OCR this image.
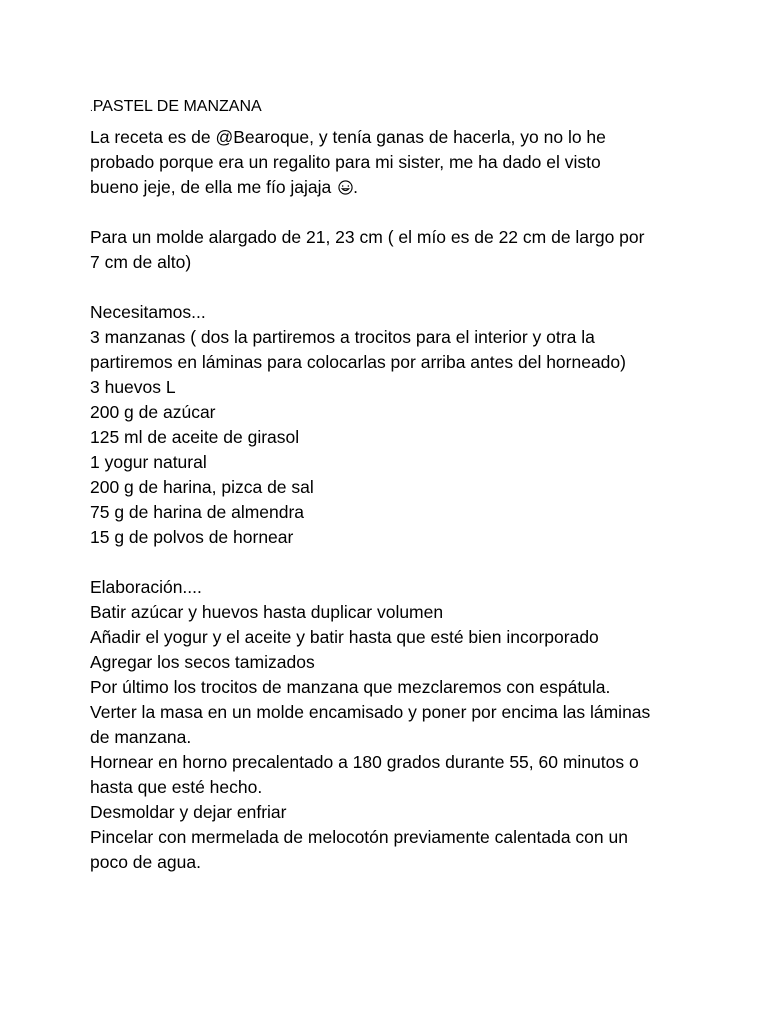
.PASTEL DE MANZANA
La receta es de @Bearoque, y tenía ganas de hacerla, yo no lo he
probado porque era un regalito para mi sister, me ha dado el visto
bueno jeje, de ella me fío jajaja .
Para un molde alargado de 21, 23 cm ( el mío es de 22 cm de largo por
7 cm de alto)
Necesitamos...
3 manzanas ( dos la partiremos a trocitos para el interior y otra la
partiremos en láminas para colocarlas por arriba antes del horneado)
3 huevos L
200 g de azúcar
125 ml de aceite de girasol
1 yogur natural
200 g de harina, pizca de sal
75 g de harina de almendra
15 g de polvos de hornear
Elaboración....
Batir azúcar y huevos hasta duplicar volumen
Añadir el yogur y el aceite y batir hasta que esté bien incorporado
Agregar los secos tamizados
Por último los trocitos de manzana que mezclaremos con espátula.
Verter la masa en un molde encamisado y poner por encima las láminas
de manzana.
Hornear en horno precalentado a 180 grados durante 55, 60 minutos o
hasta que esté hecho.
Desmoldar y dejar enfriar
Pincelar con mermelada de melocotón previamente calentada con un
poco de agua.
